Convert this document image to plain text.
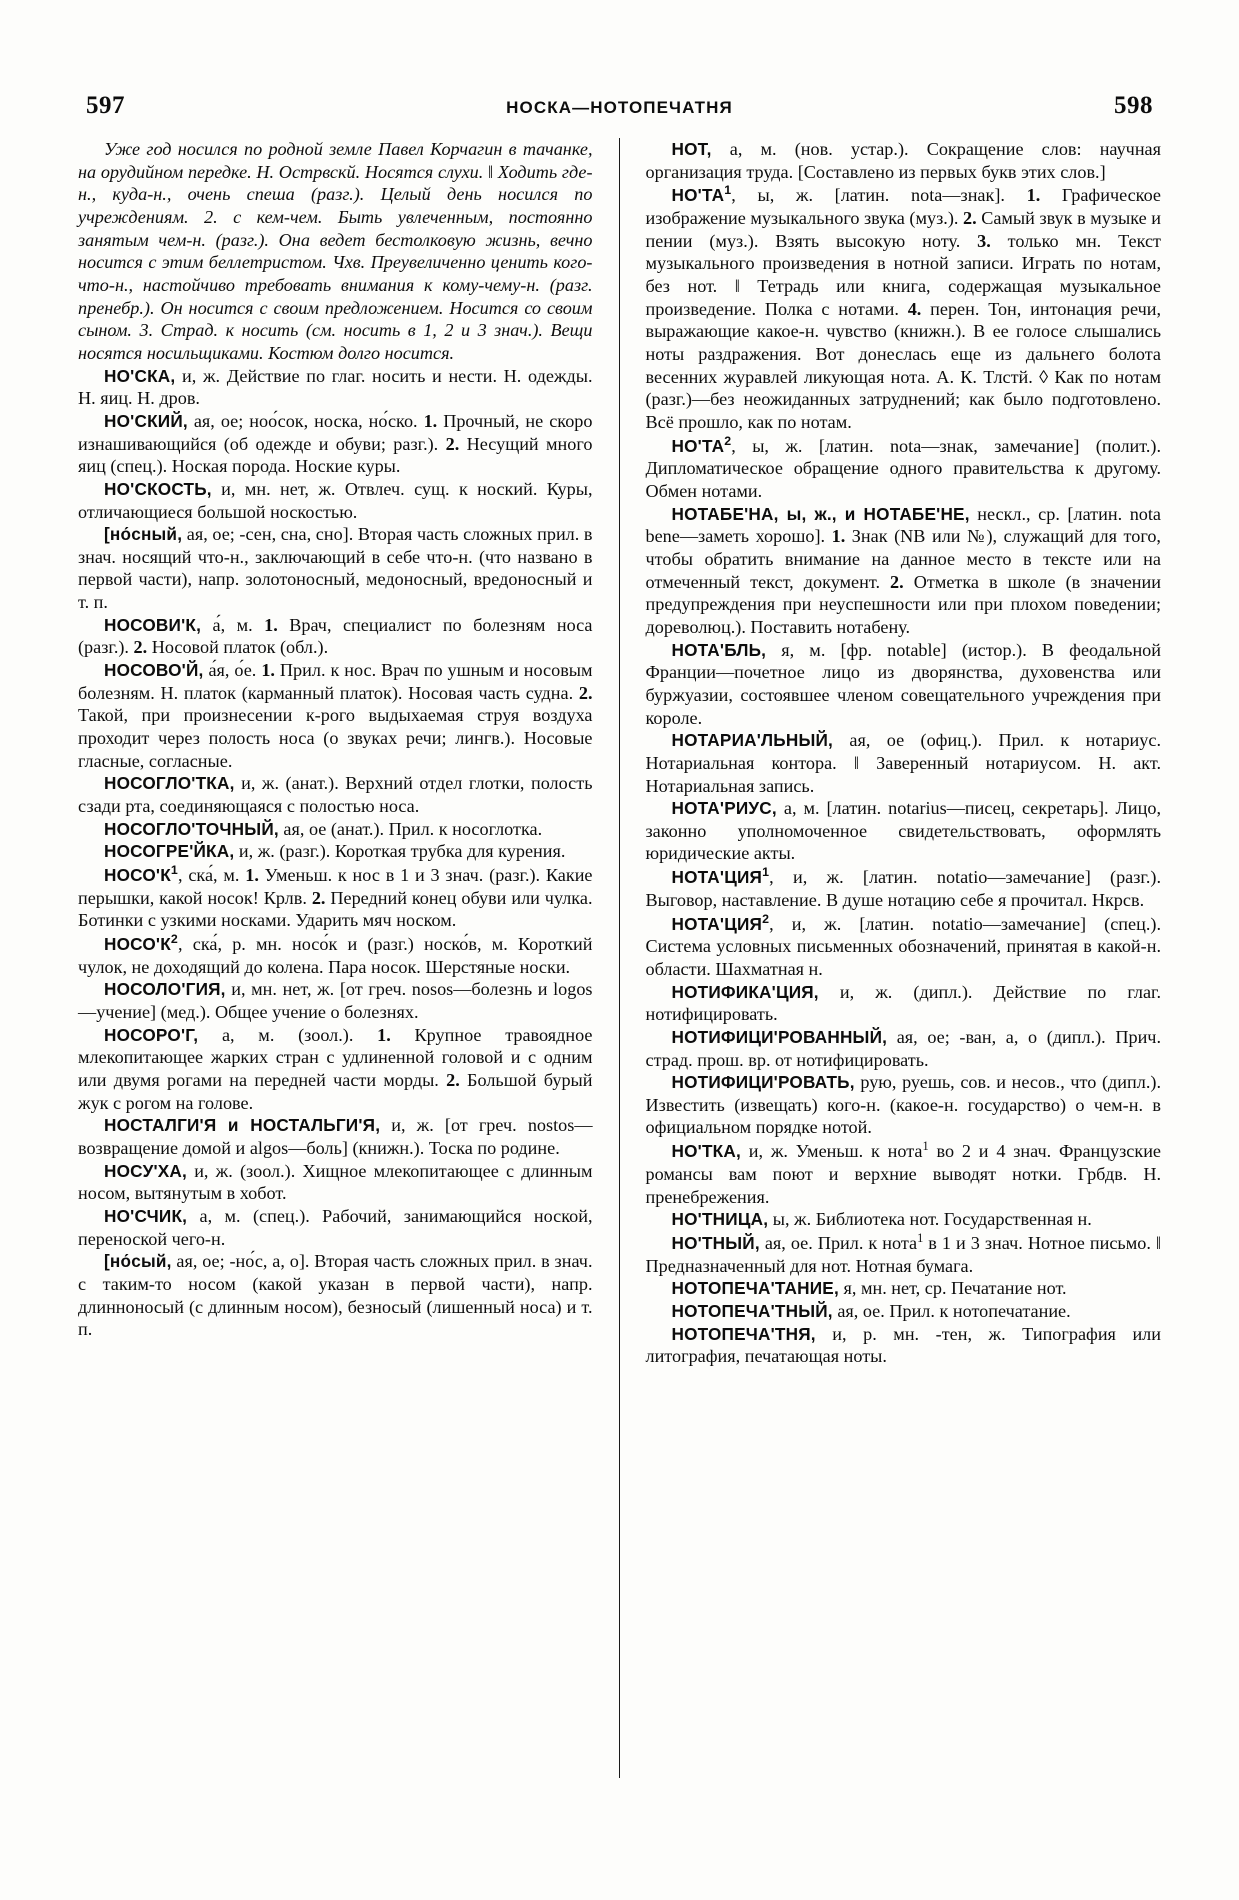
597	НОСКА—НОТОПЕЧАТНЯ	598

Уже год носился по родной земле Павел Корчагин в тачанке, на орудийном передке. Н. Острвскй. Носятся слухи. ‖ Ходить где-н., куда-н., очень спеша (разг.). Целый день носился по учреждениям. 2. с кем-чем. Быть увлеченным, постоянно занятым чем-н. (разг.). Она ведет бестолковую жизнь, вечно носится с этим беллетристом. Чхв. Преувеличенно ценить кого-что-н., настойчиво требовать внимания к кому-чему-н. (разг. пренебр.). Он носится с своим предложением. Носится со своим сыном. 3. Страд. к носить (см. носить в 1, 2 и 3 знач.). Вещи носятся носильщиками. Костюм долго носится.

НО'СКА, и, ж. Действие по глаг. носить и нести. Н. одежды. Н. яиц. Н. дров.

НО'СКИЙ, ая, ое; ноо́сок, носка, но́ско. 1. Прочный, не скоро изнашивающийся (об одежде и обуви; разг.). 2. Несущий много яиц (спец.). Ноская порода. Ноские куры.

НО'СКОСТЬ, и, мн. нет, ж. Отвлеч. сущ. к ноский. Куры, отличающиеся большой носкостью.

[но́сный, ая, ое; -сен, сна, сно]. Вторая часть сложных прил. в знач. носящий что-н., заключающий в себе что-н. (что названо в первой части), напр. золотоносный, медоносный, вредоносный и т. п.

НОСОВИ'К, а́, м. 1. Врач, специалист по болезням носа (разг.). 2. Носовой платок (обл.).

НОСОВО'Й, а́я, о́е. 1. Прил. к нос. Врач по ушным и носовым болезням. Н. платок (карманный платок). Носовая часть судна. 2. Такой, при произнесении к-рого выдыхаемая струя воздуха проходит через полость носа (о звуках речи; лингв.). Носовые гласные, согласные.

НОСОГЛО'ТКА, и, ж. (анат.). Верхний отдел глотки, полость сзади рта, соединяющаяся с полостью носа.

НОСОГЛО'ТОЧНЫЙ, ая, ое (анат.). Прил. к носоглотка.

НОСОГРЕ'ЙКА, и, ж. (разг.). Короткая трубка для курения.

$НОСО'К^1$, ска́, м. 1. Уменьш. к нос в 1 и 3 знач. (разг.). Какие перышки, какой носок! Крлв. 2. Передний конец обуви или чулка. Ботинки с узкими носками. Ударить мяч носком.

$НОСО'К^2$, ска́, р. мн. носо́к и (разг.) носко́в, м. Короткий чулок, не доходящий до колена. Пара носок. Шерстяные носки.

НОСОЛО'ГИЯ, и, мн. нет, ж. [от греч. nosos—болезнь и logos—учение] (мед.). Общее учение о болезнях.

НОСОРО'Г, а, м. (зоол.). 1. Крупное травоядное млекопитающее жарких стран с удлиненной головой и с одним или двумя рогами на передней части морды. 2. Большой бурый жук с рогом на голове.

НОСТАЛГИ'Я и НОСТАЛЬГИ'Я, и, ж. [от греч. nostos—возвращение домой и algos—боль] (книжн.). Тоска по родине.

НОСУ'ХА, и, ж. (зоол.). Хищное млекопитающее с длинным носом, вытянутым в хобот.

НО'СЧИК, а, м. (спец.). Рабочий, занимающийся ноской, переноской чего-н.

[но́сый, ая, ое; -но́с, а, о]. Вторая часть сложных прил. в знач. с таким-то носом (какой указан в первой части), напр. длинноносый (с длинным носом), безносый (лишенный носа) и т. п.

НОТ, а, м. (нов. устар.). Сокращение слов: научная организация труда. [Составлено из первых букв этих слов.]

$НО'ТА^1$, ы, ж. [латин. nota—знак]. 1. Графическое изображение музыкального звука (муз.). 2. Самый звук в музыке и пении (муз.). Взять высокую ноту. 3. только мн. Текст музыкального произведения в нотной записи. Играть по нотам, без нот. ‖ Тетрадь или книга, содержащая музыкальное произведение. Полка с нотами. 4. перен. Тон, интонация речи, выражающие какое-н. чувство (книжн.). В ее голосе слышались ноты раздражения. Вот донеслась еще из дальнего болота весенних журавлей ликующая нота. А. К. Тлстй. ◊ Как по нотам (разг.)—без неожиданных затруднений; как было подготовлено. Всё прошло, как по нотам.

$НО'ТА^2$, ы, ж. [латин. nota—знак, замечание] (полит.). Дипломатическое обращение одного правительства к другому. Обмен нотами.

НОТАБЕ'НА, ы, ж., и НОТАБЕ'НЕ, нескл., ср. [латин. nota bene—заметь хорошо]. 1. Знак (NB или №), служащий для того, чтобы обратить внимание на данное место в тексте или на отмеченный текст, документ. 2. Отметка в школе (в значении предупреждения при неуспешности или при плохом поведении; дореволюц.). Поставить нотабену.

НОТА'БЛЬ, я, м. [фр. notable] (истор.). В феодальной Франции—почетное лицо из дворянства, духовенства или буржуазии, состоявшее членом совещательного учреждения при короле.

НОТАРИА'ЛЬНЫЙ, ая, ое (офиц.). Прил. к нотариус. Нотариальная контора. ‖ Заверенный нотариусом. Н. акт. Нотариальная запись.

НОТА'РИУС, а, м. [латин. notarius—писец, секретарь]. Лицо, законно уполномоченное свидетельствовать, оформлять юридические акты.

НОТА'ЦИЯ$^1$, и, ж. [латин. notatio—замечание] (разг.). Выговор, наставление. В душе нотацию себе я прочитал. Нкрсв.

НОТА'ЦИЯ$^2$, и, ж. [латин. notatio—замечание] (спец.). Система условных письменных обозначений, принятая в какой-н. области. Шахматная н.

НОТИФИКА'ЦИЯ, и, ж. (дипл.). Действие по глаг. нотифицировать.

НОТИФИЦИ'РОВАННЫЙ, ая, ое; -ван, а, о (дипл.). Прич. страд. прош. вр. от нотифицировать.

НОТИФИЦИ'РОВАТЬ, рую, руешь, сов. и несов., что (дипл.). Известить (извещать) кого-н. (какое-н. государство) о чем-н. в официальном порядке нотой.

НО'ТКА, и, ж. Уменьш. к нота$^1$ во 2 и 4 знач. Французские романсы вам поют и верхние выводят нотки. Грбдв. Н. пренебрежения.

НО'ТНИЦА, ы, ж. Библиотека нот. Государственная н.

НО'ТНЫЙ, ая, ое. Прил. к нота$^1$ в 1 и 3 знач. Нотное письмо. ‖ Предназначенный для нот. Нотная бумага.

НОТОПЕЧА'ТАНИЕ, я, мн. нет, ср. Печатание нот.

НОТОПЕЧА'ТНЫЙ, ая, ое. Прил. к нотопечатание.

НОТОПЕЧА'ТНЯ, и, р. мн. -тен, ж. Типография или литография, печатающая ноты.
